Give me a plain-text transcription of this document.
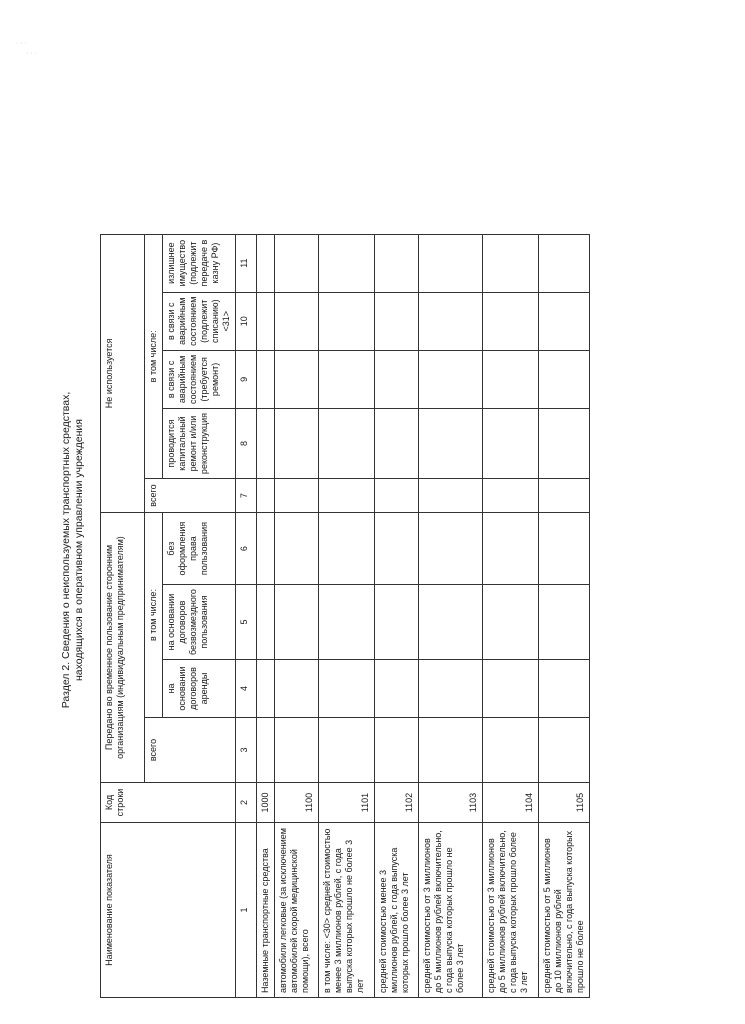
· · ·
· · ·
Раздел 2. Сведения о неиспользуемых транспортных средствах, находящихся в оперативном управлении учреждения
Наименование показателя	Код строки	Передано во временное пользование сторонним организациям (индивидуальным предпринимателям)				Не используется				
		всего	в том числе:			всего	в том числе:			
			на основании договоров аренды	на основании договоров безвозмездного пользования	без оформления права пользования		проводится капитальный ремонт и/или реконструкция	в связи с аварийным состоянием (требуется ремонт)	в связи с аварийным состоянием (подлежит списанию) <31>	излишнее имущество (подлежит передаче в казну РФ)
1	2	3	4	5	6	7	8	9	10	11
Наземные транспортные средства	1000									
автомобили легковые (за исключением автомобилей скорой медицинской помощи), всего	1100									
в том числе: <30> средней стоимостью менее 3 миллионов рублей, с года выпуска которых прошло не более 3 лет	1101									
средней стоимостью менее 3 миллионов рублей, с года выпуска которых прошло более 3 лет	1102									
средней стоимостью от 3 миллионов до 5 миллионов рублей включительно, с года выпуска которых прошло не более 3 лет	1103									
средней стоимостью от 3 миллионов до 5 миллионов рублей включительно, с года выпуска которых прошло более 3 лет	1104									
средней стоимостью от 5 миллионов до 10 миллионов рублей включительно, с года выпуска которых прошло не более	1105									
